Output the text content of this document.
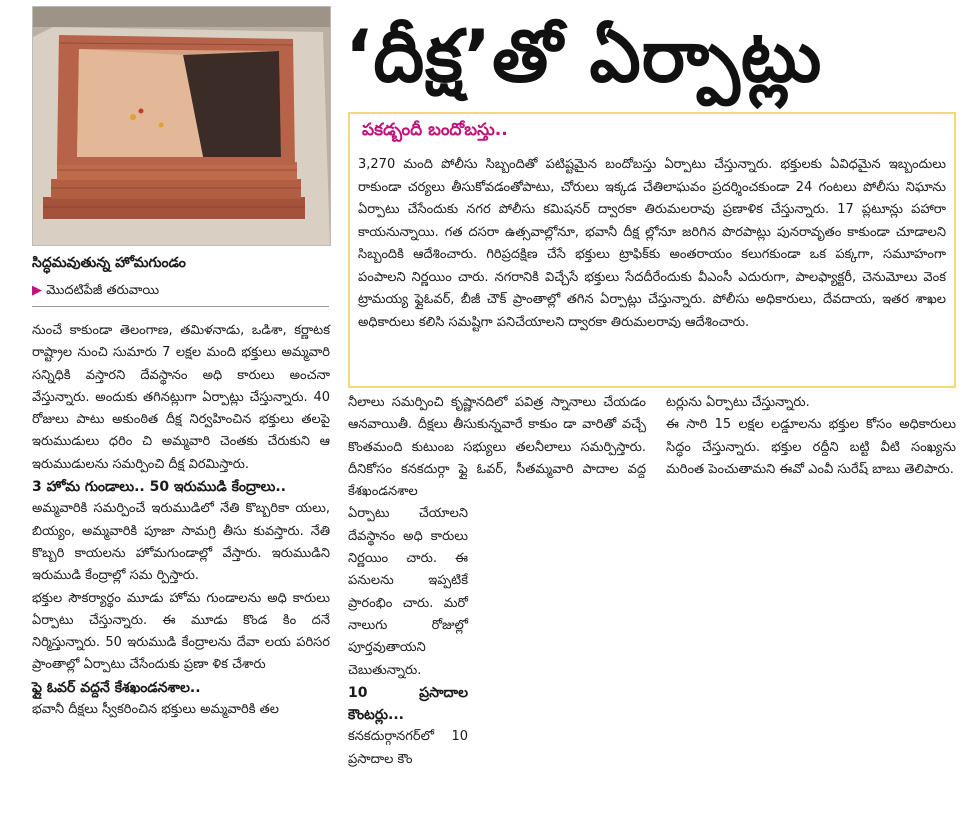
‘దీక్ష’తో ఏర్పాట్లు
పకడ్బందీ బందోబస్తు..
3,270 మంది పోలీసు సిబ్బందితో పటిష్టమైన బందోబస్తు ఏర్పాటు చేస్తున్నారు. భక్తులకు ఏవిధమైన ఇబ్బందులు రాకుండా చర్యలు తీసుకోవడంతోపాటు, చోరులు ఇక్కడ చేతిలాఘవం ప్రదర్శించకుండా 24 గంటలు పోలీసు నిఘాను ఏర్పాటు చేసేందుకు నగర పోలీసు కమిషనర్ ద్వారకా తిరుమలరావు ప్రణాళిక చేస్తున్నారు. 17 ప్లటూన్లు పహారా కాయనున్నాయి. గత దసరా ఉత్సవాల్లోనూ, భవానీ దీక్ష ల్లోనూ జరిగిన పొరపాట్లు పునరావృతం కాకుండా చూడాలని సిబ్బందికి ఆదేశించారు. గిరిప్రదక్షిణ చేసే భక్తులు ట్రాఫిక్‌కు అంతరాయం కలుగకుండా ఒక పక్కగా, సమూహంగా పంపాలని నిర్ణయిం చారు. నగరానికి విచ్చేసే భక్తులు సేదదీరేందుకు వీఎంసీ ఎదురుగా, పాలఫ్యాక్టరీ, చెనుమోలు వెంక ట్రామయ్య ఫ్లైఓవర్, బీజీ చౌక్ ప్రాంతాల్లో తగిన ఏర్పాట్లు చేస్తున్నారు. పోలీసు అధికారులు, దేవదాయ, ఇతర శాఖల అధికారులు కలిసి సమష్టిగా పనిచేయాలని ద్వారకా తిరుమలరావు ఆదేశించారు.
సిద్ధమవుతున్న హోమగుండం
▶ మొదటిపేజీ తరువాయి

నుంచే కాకుండా తెలంగాణ, తమిళనాడు, ఒడిశా, కర్ణాటక రాష్ట్రాల నుంచి సుమారు 7 లక్షల మంది భక్తులు అమ్మవారి సన్నిధికి వస్తారని దేవస్థానం అధి కారులు అంచనా వేస్తున్నారు. అందుకు తగినట్లుగా ఏర్పాట్లు చేస్తున్నారు. 40 రోజులు పాటు అకుంఠిత దీక్ష నిర్వహించిన భక్తులు తలపై ఇరుముడులు ధరిం చి అమ్మవారి చెంతకు చేరుకుని ఆ ఇరుముడులను సమర్పించి దీక్ష విరమిస్తారు.

3 హోమ గుండాలు.. 50 ఇరుముడి కేంద్రాలు..

అమ్మవారికి సమర్పించే ఇరుముడిలో నేతి కొబ్బరికా యలు, బియ్యం, అమ్మవారికి పూజా సామగ్రి తీసు కువస్తారు. నేతి కొబ్బరి కాయలను హోమగుండాల్లో వేస్తారు. ఇరుముడిని ఇరుముడి కేంద్రాల్లో సమ ర్పిస్తారు.

భక్తుల సౌకర్యార్థం మూడు హోమ గుండాలను అధి కారులు ఏర్పాటు చేస్తున్నారు. ఈ మూడు కొండ కిం దనే నిర్మిస్తున్నారు. 50 ఇరుముడి కేంద్రాలను దేవా లయ పరిసర ప్రాంతాల్లో ఏర్పాటు చేసేందుకు ప్రణా ళిక చేశారు

ఫ్లై ఓవర్ వద్దనే కేశఖండనశాల..

భవానీ దీక్షలు స్వీకరించిన భక్తులు అమ్మవారికి తల

నీలాలు సమర్పించి కృష్ణానదిలో పవిత్ర స్నానాలు చేయడం ఆనవాయితీ. దీక్షలు తీసుకున్నవారే కాకుం డా వారితో వచ్చే కొంతమంది కుటుంబ సభ్యులు తలనీలాలు సమర్పిస్తారు. దీనికోసం కనకదుర్గా ఫ్లై ఓవర్, సీతమ్మవారి పాదాల వద్ద కేశఖండనశాల

ఏర్పాటు చేయాలని దేవస్థానం అధి కారులు నిర్ణయిం చారు. ఈ పనులను ఇప్పటికే ప్రారంభిం చారు. మరో నాలుగు రోజుల్లో పూర్తవుతాయని చెబుతున్నారు.

10 ప్రసాదాల కౌంటర్లు...

కనకదుర్గానగర్‌లో 10 ప్రసాదాల కౌం

టర్లును ఏర్పాటు చేస్తున్నారు.

ఈ సారి 15 లక్షల లడ్డూలను భక్తుల కోసం అధికారులు సిద్ధం చేస్తున్నారు. భక్తుల రద్దీని బట్టి వీటి సంఖ్యను మరింత పెంచుతామని ఈవో ఎంవీ సురేష్ బాబు తెలిపారు.
